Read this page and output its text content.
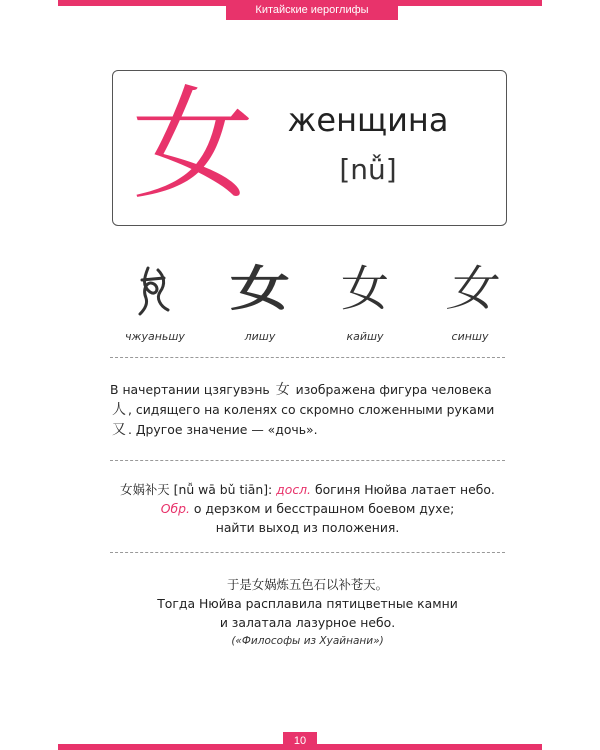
Китайские иероглифы
女	женщина
[nǚ]
чжуаньшу
女
лишу
女
кайшу
女
синшу
В начертании цзягувэнь 女 изображена фигура человека 人 , сидящего на коленях со скромно сложенными руками 又 . Другое значение — «дочь».
女娲补天 [nǚ wā bǔ tiān]: досл. богиня Нюйва латает небо.
Обр. о дерзком и бесстрашном боевом духе;
найти выход из положения.
于是女娲炼五色石以补苍天。
Тогда Нюйва расплавила пятицветные камни
и залатала лазурное небо.
(«Философы из Хуайнани»)
10
